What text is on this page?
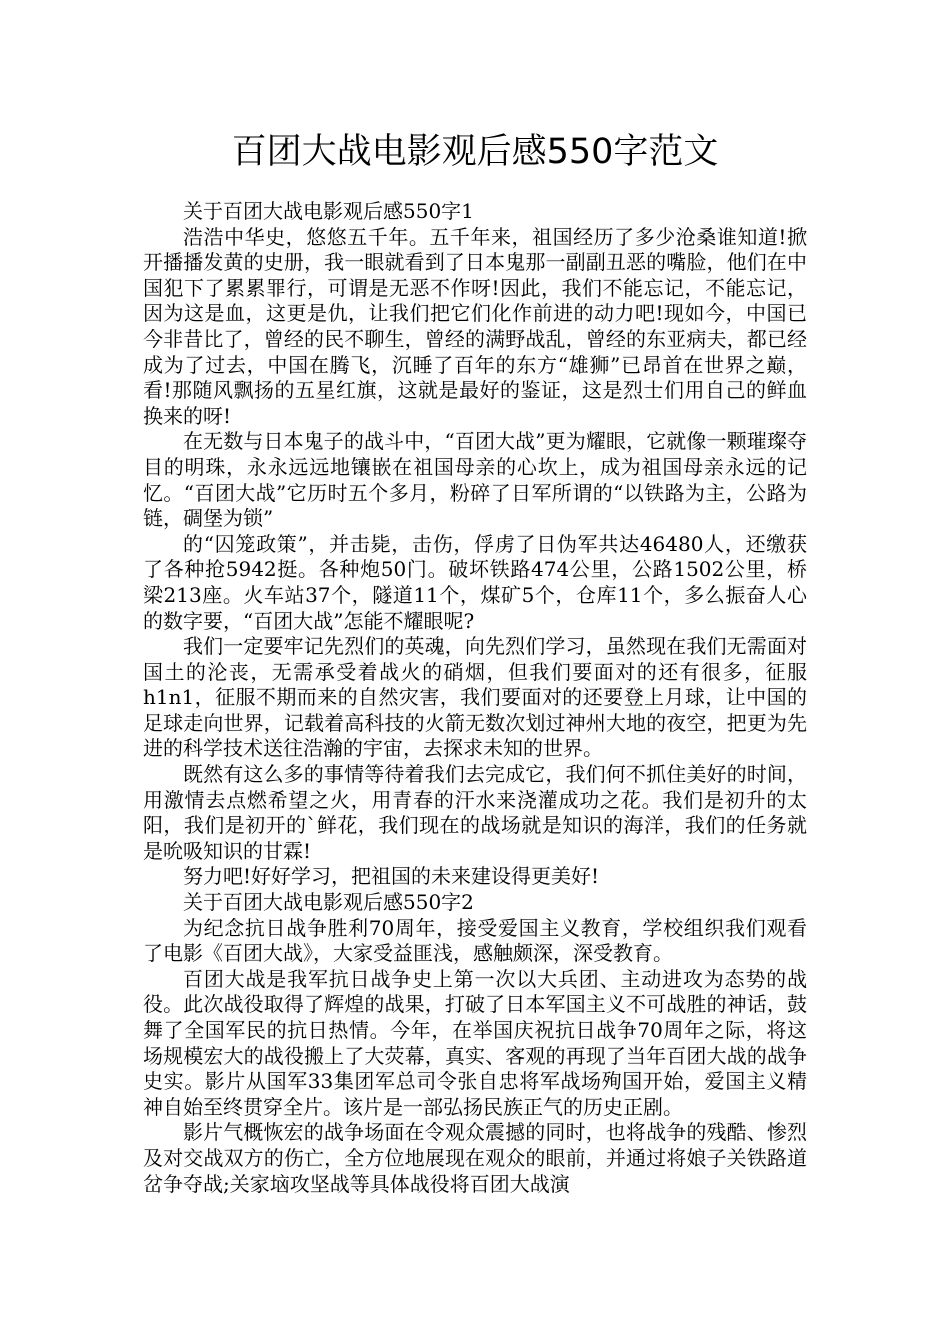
百团大战电影观后感550字范文

关于百团大战电影观后感550字1

浩浩中华史，悠悠五千年。五千年来，祖国经历了多少沧桑谁知道!掀开播播发黄的史册，我一眼就看到了日本鬼那一副副丑恶的嘴脸，他们在中国犯下了累累罪行，可谓是无恶不作呀!因此，我们不能忘记，不能忘记，因为这是血，这更是仇，让我们把它们化作前进的动力吧!现如今，中国已今非昔比了，曾经的民不聊生，曾经的满野战乱，曾经的东亚病夫，都已经成为了过去，中国在腾飞，沉睡了百年的东方“雄狮”已昂首在世界之巅，看!那随风飘扬的五星红旗，这就是最好的鉴证，这是烈士们用自己的鲜血换来的呀!

在无数与日本鬼子的战斗中，“百团大战”更为耀眼，它就像一颗璀璨夺目的明珠，永永远远地镶嵌在祖国母亲的心坎上，成为祖国母亲永远的记忆。“百团大战”它历时五个多月，粉碎了日军所谓的“以铁路为主，公路为链，碉堡为锁”

的“囚笼政策”，并击毙，击伤，俘虏了日伪军共达46480人，还缴获了各种抢5942挺。各种炮50门。破坏铁路474公里，公路1502公里，桥梁213座。火车站37个，隧道11个，煤矿5个，仓库11个，多么振奋人心的数字要，“百团大战”怎能不耀眼呢?

我们一定要牢记先烈们的英魂，向先烈们学习，虽然现在我们无需面对国土的沦丧，无需承受着战火的硝烟，但我们要面对的还有很多，征服h1n1，征服不期而来的自然灾害，我们要面对的还要登上月球，让中国的足球走向世界，记载着高科技的火箭无数次划过神州大地的夜空，把更为先进的科学技术送往浩瀚的宇宙，去探求未知的世界。

既然有这么多的事情等待着我们去完成它，我们何不抓住美好的时间，用激情去点燃希望之火，用青春的汗水来浇灌成功之花。我们是初升的太阳，我们是初开的`鲜花，我们现在的战场就是知识的海洋，我们的任务就是吮吸知识的甘霖!

努力吧!好好学习，把祖国的未来建设得更美好!

关于百团大战电影观后感550字2

为纪念抗日战争胜利70周年，接受爱国主义教育，学校组织我们观看了电影《百团大战》，大家受益匪浅，感触颇深，深受教育。

百团大战是我军抗日战争史上第一次以大兵团、主动进攻为态势的战役。此次战役取得了辉煌的战果，打破了日本军国主义不可战胜的神话，鼓舞了全国军民的抗日热情。今年，在举国庆祝抗日战争70周年之际，将这场规模宏大的战役搬上了大荧幕，真实、客观的再现了当年百团大战的战争史实。影片从国军33集团军总司令张自忠将军战场殉国开始，爱国主义精神自始至终贯穿全片。该片是一部弘扬民族正气的历史正剧。

影片气概恢宏的战争场面在令观众震撼的同时，也将战争的残酷、惨烈及对交战双方的伤亡，全方位地展现在观众的眼前，并通过将娘子关铁路道岔争夺战;关家垴攻坚战等具体战役将百团大战演
